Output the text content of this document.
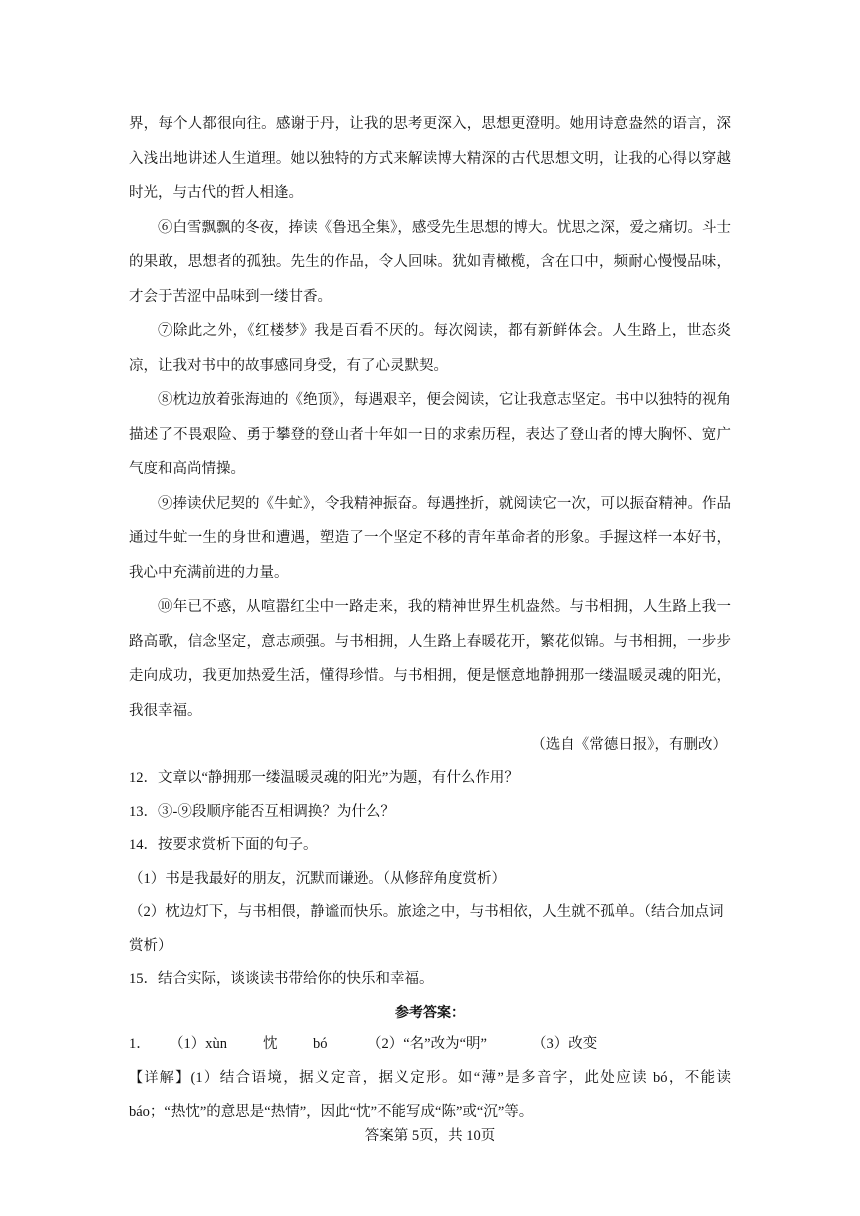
界，每个人都很向往。感谢于丹，让我的思考更深入，思想更澄明。她用诗意盎然的语言，深入浅出地讲述人生道理。她以独特的方式来解读博大精深的古代思想文明，让我的心得以穿越时光，与古代的哲人相逢。

⑥白雪飘飘的冬夜，捧读《鲁迅全集》，感受先生思想的博大。忧思之深，爱之痛切。斗士的果敢，思想者的孤独。先生的作品，令人回味。犹如青橄榄，含在口中，频耐心慢慢品味，才会于苦涩中品味到一缕甘香。

⑦除此之外，《红楼梦》我是百看不厌的。每次阅读，都有新鲜体会。人生路上，世态炎凉，让我对书中的故事感同身受，有了心灵默契。

⑧枕边放着张海迪的《绝顶》，每遇艰辛，便会阅读，它让我意志坚定。书中以独特的视角描述了不畏艰险、勇于攀登的登山者十年如一日的求索历程，表达了登山者的博大胸怀、宽广气度和高尚情操。

⑨捧读伏尼契的《牛虻》，令我精神振奋。每遇挫折，就阅读它一次，可以振奋精神。作品通过牛虻一生的身世和遭遇，塑造了一个坚定不移的青年革命者的形象。手握这样一本好书，我心中充满前进的力量。

⑩年已不惑，从喧嚣红尘中一路走来，我的精神世界生机盎然。与书相拥，人生路上我一路高歌，信念坚定，意志顽强。与书相拥，人生路上春暖花开，繁花似锦。与书相拥，一步步走向成功，我更加热爱生活，懂得珍惜。与书相拥，便是惬意地静拥那一缕温暖灵魂的阳光，我很幸福。

（选自《常德日报》，有删改）

12．文章以“静拥那一缕温暖灵魂的阳光”为题，有什么作用？

13．③-⑨段顺序能否互相调换？为什么？

14．按要求赏析下面的句子。

（1）书是我最好的朋友，沉默而谦逊。（从修辞角度赏析）

（2）枕边灯下，与书相偎，静谧而快乐。旅途之中，与书相依，人生就不孤单。（结合加点词赏析）

15．结合实际，谈谈读书带给你的快乐和幸福。

参考答案：

1． （1）xùn 忱 bó	（2）“名”改为“明”	（3）改变

【详解】(1）结合语境，据义定音，据义定形。如“薄”是多音字，此处应读 bó，不能读 báo；“热忱”的意思是“热情”，因此“忱”不能写成“陈”或“沉”等。

答案第 5页，共 10页
